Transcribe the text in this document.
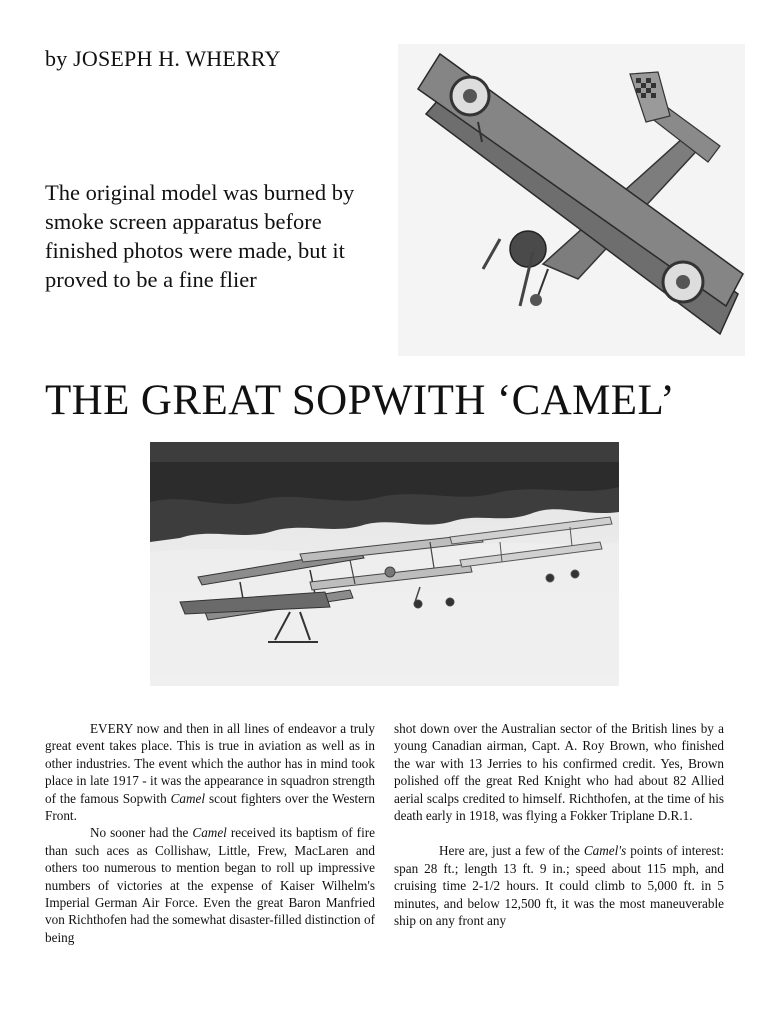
by JOSEPH H. WHERRY
The original model was burned by smoke screen apparatus before finished photos were made, but it proved to be a fine flier
THE GREAT SOPWITH ‘CAMEL’

EVERY now and then in all lines of endeavor a truly great event takes place. This is true in aviation as well as in other industries. The event which the author has in mind took place in late 1917 - it was the appearance in squadron strength of the famous Sopwith Camel scout fighters over the Western Front.

No sooner had the Camel received its baptism of fire than such aces as Collishaw, Little, Frew, MacLaren and others too numerous to mention began to roll up impressive numbers of victories at the expense of Kaiser Wilhelm's Imperial German Air Force. Even the great Baron Manfried von Richthofen had the somewhat disaster-filled distinction of being

shot down over the Australian sector of the British lines by a young Canadian airman, Capt. A. Roy Brown, who finished the war with 13 Jerries to his confirmed credit. Yes, Brown polished off the great Red Knight who had about 82 Allied aerial scalps credited to himself. Richthofen, at the time of his death early in 1918, was flying a Fokker Triplane D.R.1.

Here are, just a few of the Camel's points of interest: span 28 ft.; length 13 ft. 9 in.; speed about 115 mph, and cruising time 2-1/2 hours. It could climb to 5,000 ft. in 5 minutes, and below 12,500 ft, it was the most maneuverable ship on any front any
